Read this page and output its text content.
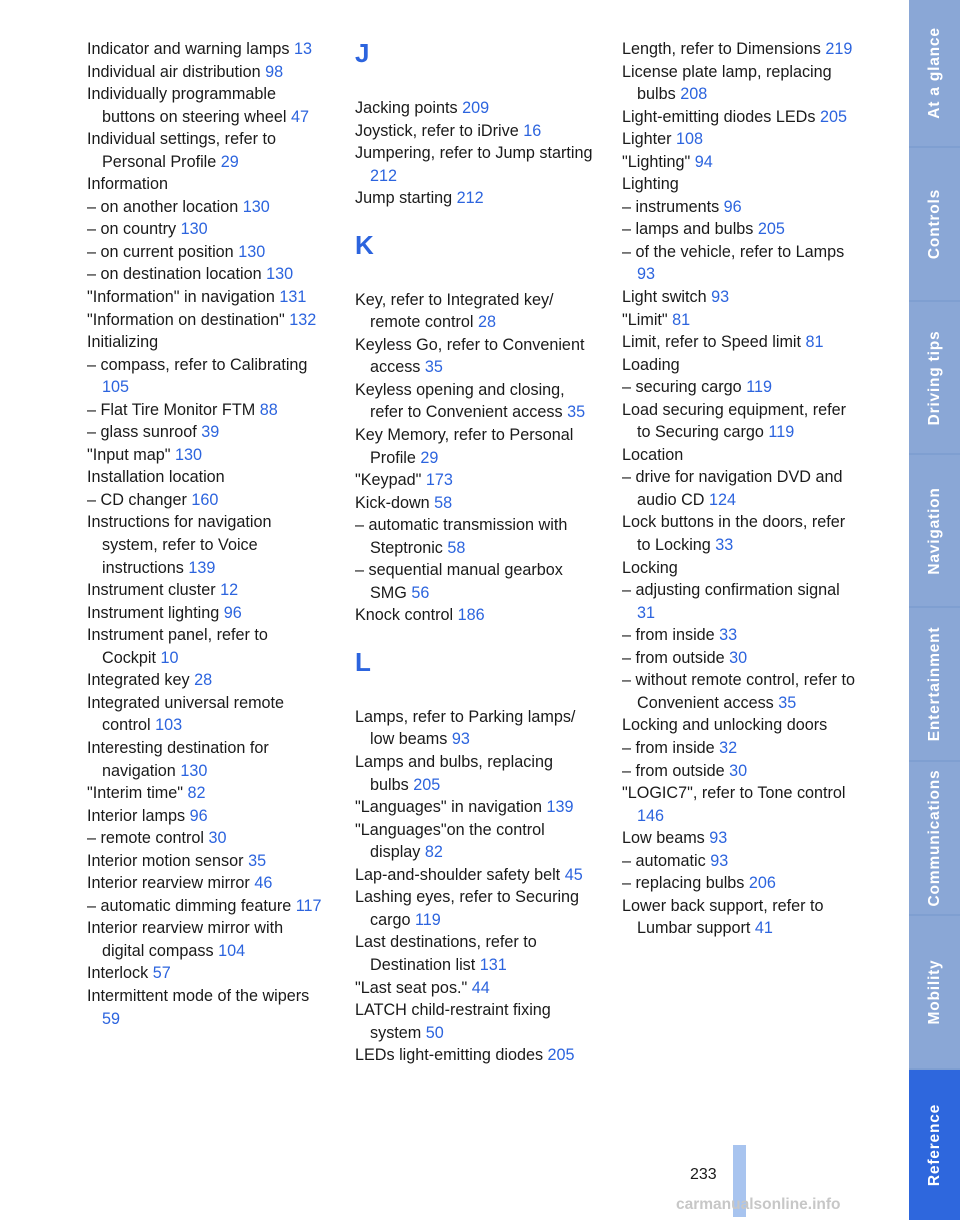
Indicator and warning lamps 13
Individual air distribution 98
Individually programmable buttons on steering wheel 47
Individual settings, refer to Personal Profile 29
Information
– on another location 130
– on country 130
– on current position 130
– on destination location 130
"Information" in navigation 131
"Information on destination" 132
Initializing
– compass, refer to Calibrating 105
– Flat Tire Monitor FTM 88
– glass sunroof 39
"Input map" 130
Installation location
– CD changer 160
Instructions for navigation system, refer to Voice instructions 139
Instrument cluster 12
Instrument lighting 96
Instrument panel, refer to Cockpit 10
Integrated key 28
Integrated universal remote control 103
Interesting destination for navigation 130
"Interim time" 82
Interior lamps 96
– remote control 30
Interior motion sensor 35
Interior rearview mirror 46
– automatic dimming feature 117
Interior rearview mirror with digital compass 104
Interlock 57
Intermittent mode of the wipers 59
J
Jacking points 209
Joystick, refer to iDrive 16
Jumpering, refer to Jump starting 212
Jump starting 212
K
Key, refer to Integrated key/ remote control 28
Keyless Go, refer to Convenient access 35
Keyless opening and closing, refer to Convenient access 35
Key Memory, refer to Personal Profile 29
"Keypad" 173
Kick-down 58
– automatic transmission with Steptronic 58
– sequential manual gearbox SMG 56
Knock control 186
L
Lamps, refer to Parking lamps/ low beams 93
Lamps and bulbs, replacing bulbs 205
"Languages" in navigation 139
"Languages"on the control display 82
Lap-and-shoulder safety belt 45
Lashing eyes, refer to Securing cargo 119
Last destinations, refer to Destination list 131
"Last seat pos." 44
LATCH child-restraint fixing system 50
LEDs light-emitting diodes 205
Length, refer to Dimensions 219
License plate lamp, replacing bulbs 208
Light-emitting diodes LEDs 205
Lighter 108
"Lighting" 94
Lighting
– instruments 96
– lamps and bulbs 205
– of the vehicle, refer to Lamps 93
Light switch 93
"Limit" 81
Limit, refer to Speed limit 81
Loading
– securing cargo 119
Load securing equipment, refer to Securing cargo 119
Location
– drive for navigation DVD and audio CD 124
Lock buttons in the doors, refer to Locking 33
Locking
– adjusting confirmation signal 31
– from inside 33
– from outside 30
– without remote control, refer to Convenient access 35
Locking and unlocking doors
– from inside 32
– from outside 30
"LOGIC7", refer to Tone control 146
Low beams 93
– automatic 93
– replacing bulbs 206
Lower back support, refer to Lumbar support 41
At a glance
Controls
Driving tips
Navigation
Entertainment
Communications
Mobility
Reference
233
carmanualsonline.info
